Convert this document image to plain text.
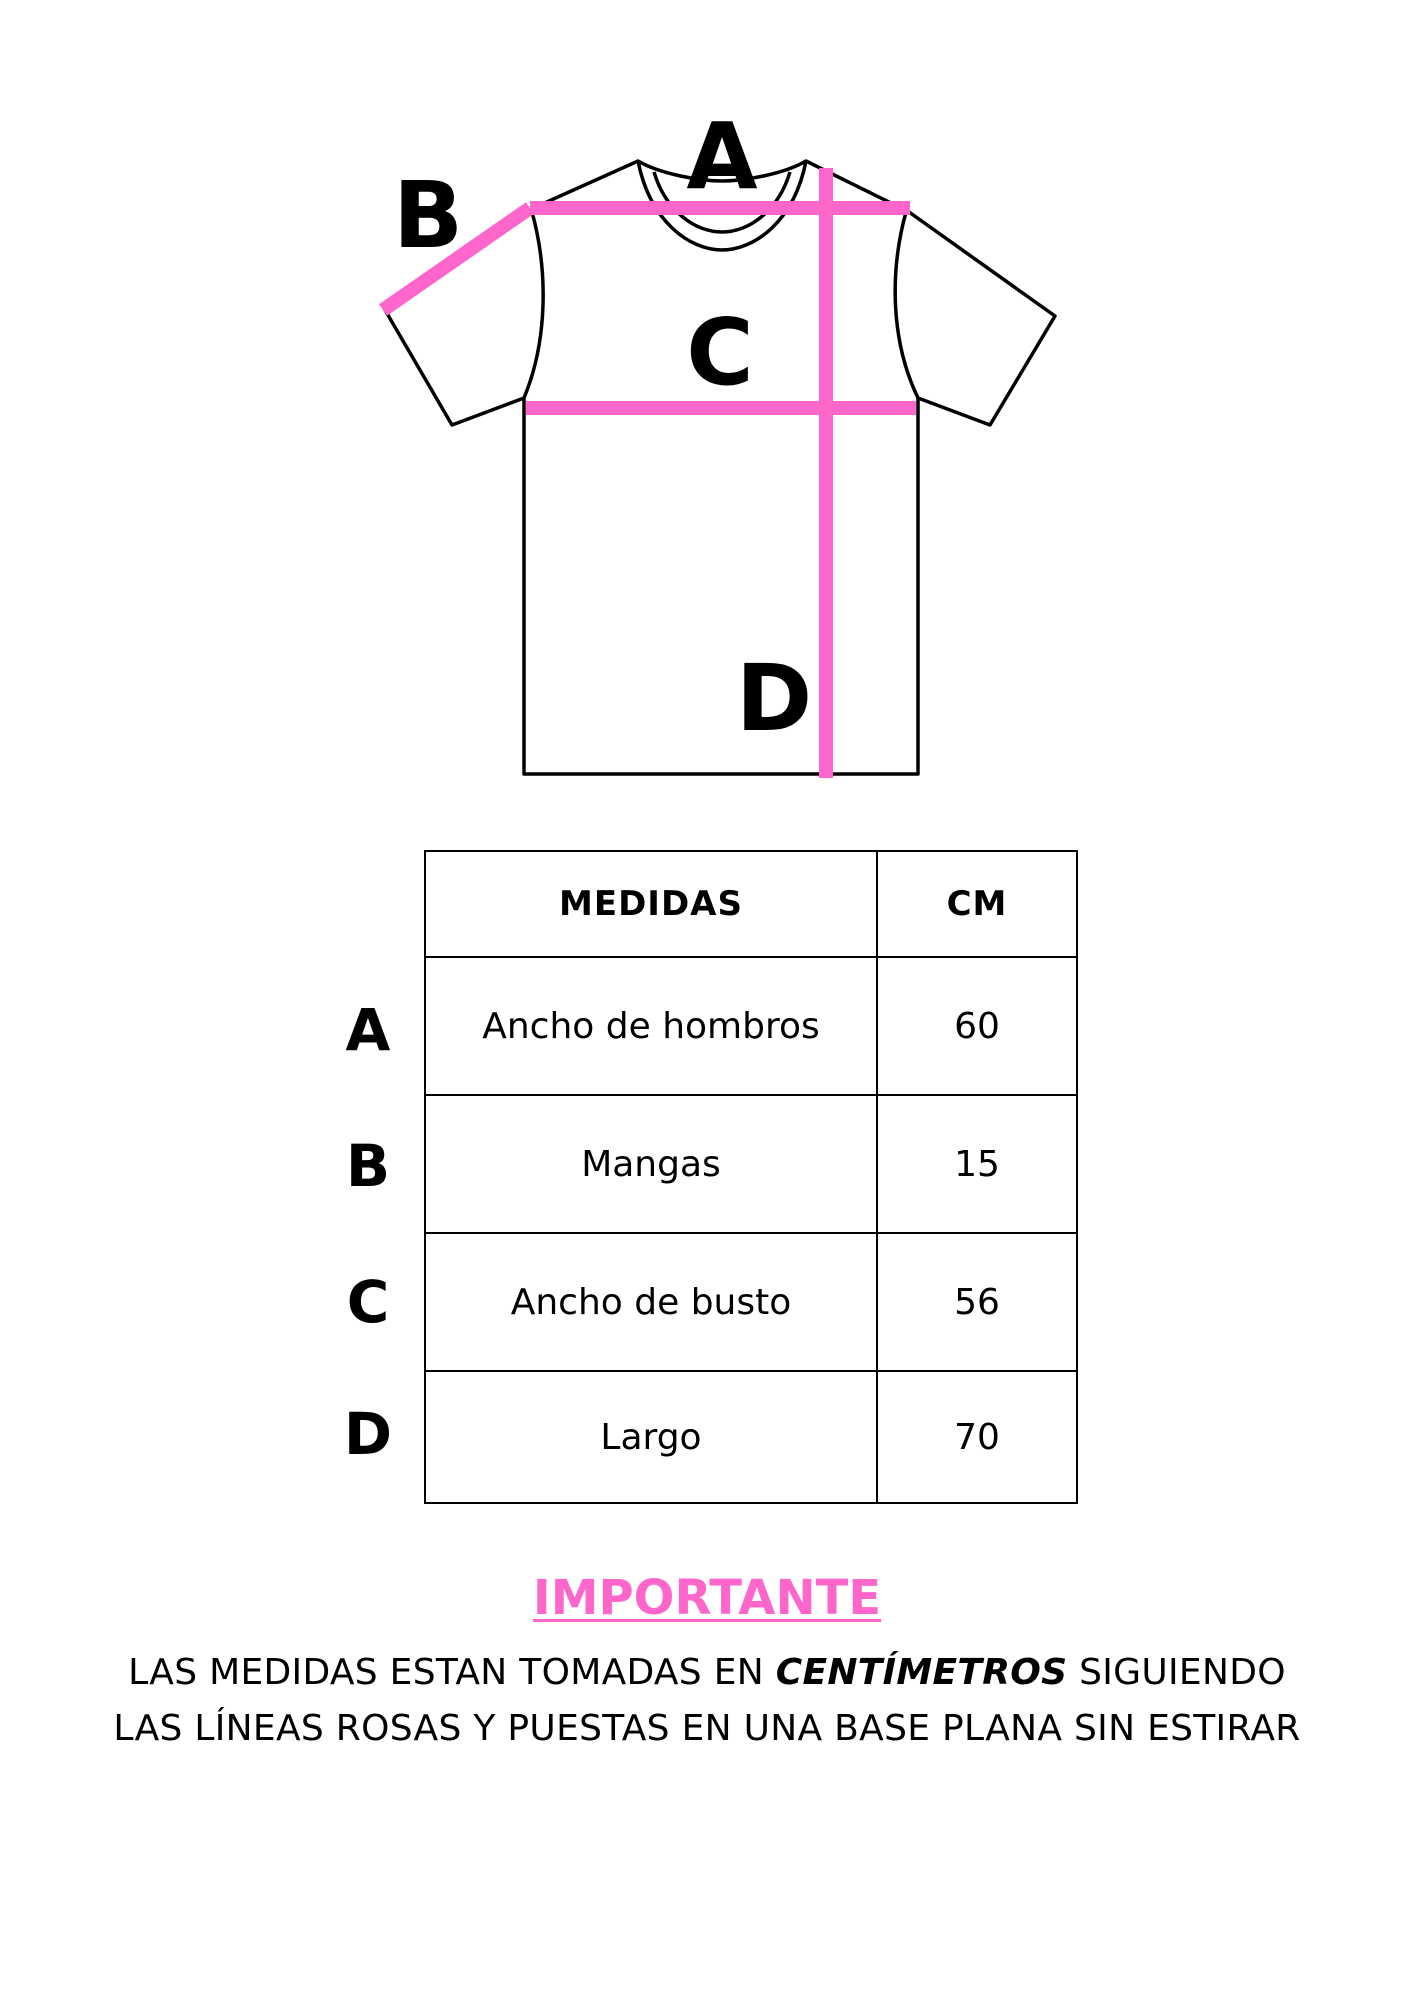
A
B
C
D
A
B
C
D
MEDIDAS	CM
Ancho de hombros	60
Mangas	15
Ancho de busto	56
Largo	70
IMPORTANTE
LAS MEDIDAS ESTAN TOMADAS EN CENTÍMETROS SIGUIENDO
LAS LÍNEAS ROSAS Y PUESTAS EN UNA BASE PLANA SIN ESTIRAR
